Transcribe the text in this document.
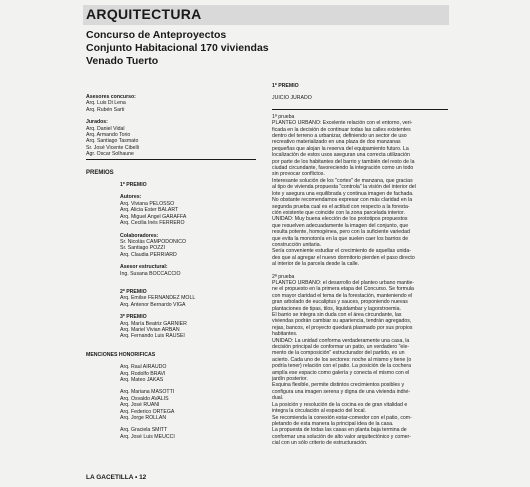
ARQUITECTURA
Concurso de Anteproyectos
Conjunto Habitacional 170 viviendas
Venado Tuerto
Asesores concurso:
Arq. Luis Di Lena
Arq. Rubén Sarti
Jurados:
Arq. Daniel Vidal
Arq. Armando Torio
Arq. Santiago Tasmato
Sr. José Vicente Cibelli
Agr. Oscar Solhaune
PREMIOS
1º PREMIO
Autores:
Arq. Viviana PELOSSO
Arq. Alicia Ester BALART
Arq. Miguel Angel GARAFFA
Arq. Cecilia Inés FERRERO
Colaboradores:
Sr. Nicolás CAMPODONICO
Sr. Santiago POZZI
Arq. Claudia PERRIARD
Asesor estructural:
Ing. Susana BOCCACCIO
2º PREMIO
Arq. Emilse FERNANDEZ MOLL
Arq. Antenor Bernardo VIGA
3º PREMIO
Arq. María Beatriz GARNIER
Arq. Mariel Vivian ARBAN
Arq. Fernando Luis RAUSEI
MENCIONES HONORIFICAS
Arq. Raul AIRAUDO
Arq. Rodolfo BRAVI
Arq. Mateo JAKAS
Arq. Mariana MASOTTI
Arq. Osvaldo AVALIS
Arq. José RUANI
Arq. Federico ORTEGA
Arq. Jorge ROLLAN
Arq. Graciela SMITT
Arq. José Luis MEUCCI
1º PREMIO
JUICIO JURADO
1ª prueba
PLANTEO URBANO: Excelente relación con el entorno, veri-
ficada en la decisión de continuar todas las calles existentes
dentro del terreno a urbanizar, definiendo un sector de uso
recreativo materializado en una plaza de dos manzanas
pequeñas que alojan la reserva del equipamiento futuro. La
localización de estos usos aseguran una correcta utilización
por parte de los habitantes del barrio y también del resto de la
ciudad circundante, favoreciendo la integración como un todo
sin provocar conflictos.
Interesante solución de los "cortes" de manzana, que gracias
al tipo de vivienda propuesta "controla" la visión del interior del
lote y asegura una equilibrada y continua imagen de fachada.
No obstante recomendamos expresar con más claridad en la
segunda prueba cual es el actitud con respecto a la foresta-
ción existente que coincide con la zona parcelada interior.
UNIDAD: Muy buena elección de los prototipos propuestos
que resuelven adecuadamente la imagen del conjunto, que
resulta potente, homogénea, pero con la suficiente variedad
que evita la monotonía en la que suelen caer los barrios de
construcción unitaria.
Sería conveniente estudiar el crecimiento de aquellas unida-
des que al agregar el nuevo dormitorio pierden el paso directo
al interior de la parcela desde la calle.
2ª prueba
PLANTEO URBANO: el desarrollo del planteo urbano mantie-
ne el propuesto en la primera etapa del Concurso. Se formula
con mayor claridad el tema de la forestación, manteniendo el
gran arbolado de eucaliptus y sauces, proponiendo nuevas
plantaciones de tipas, tilos, liquidambar y lagorstroemia.
El barrio se integra sin duda con el área circundante, las
viviendas podrán cambiar su apariencia, tendrán agregados,
rejas, bancos, el proyecto quedará plasmado por sus propios
habitantes.
UNIDAD: La unidad conforma verdaderamente una casa, la
decisión principal de conformar un patio, un verdadero "ele-
mento de la composición" estructurador del partido, es un
acierto. Cada uno de los sectores: noche al mismo y tiene (o
podría tener) relación con el patio. La posición de la cochera
amplía ese espacio como galería y conecta el mismo con el
jardín posterior.
Esquina flexible, permite distintos crecimientos posibles y
configura una imagen serena y digna de una vivienda indivi-
dual.
La posición y resolución de la cocina es de gran vitalidad e
integra la circulación al espacio del local.
Se recomienda la conexión estar-comedor con el patio, com-
pletando de esta manera la principal idea de la casa.
La propuesta de todas las casas en planta baja termina de
conformar una solución de alto valor arquitectónico y comer-
cial con un sólo criterio de estructuración.
LA GACETILLA • 12
